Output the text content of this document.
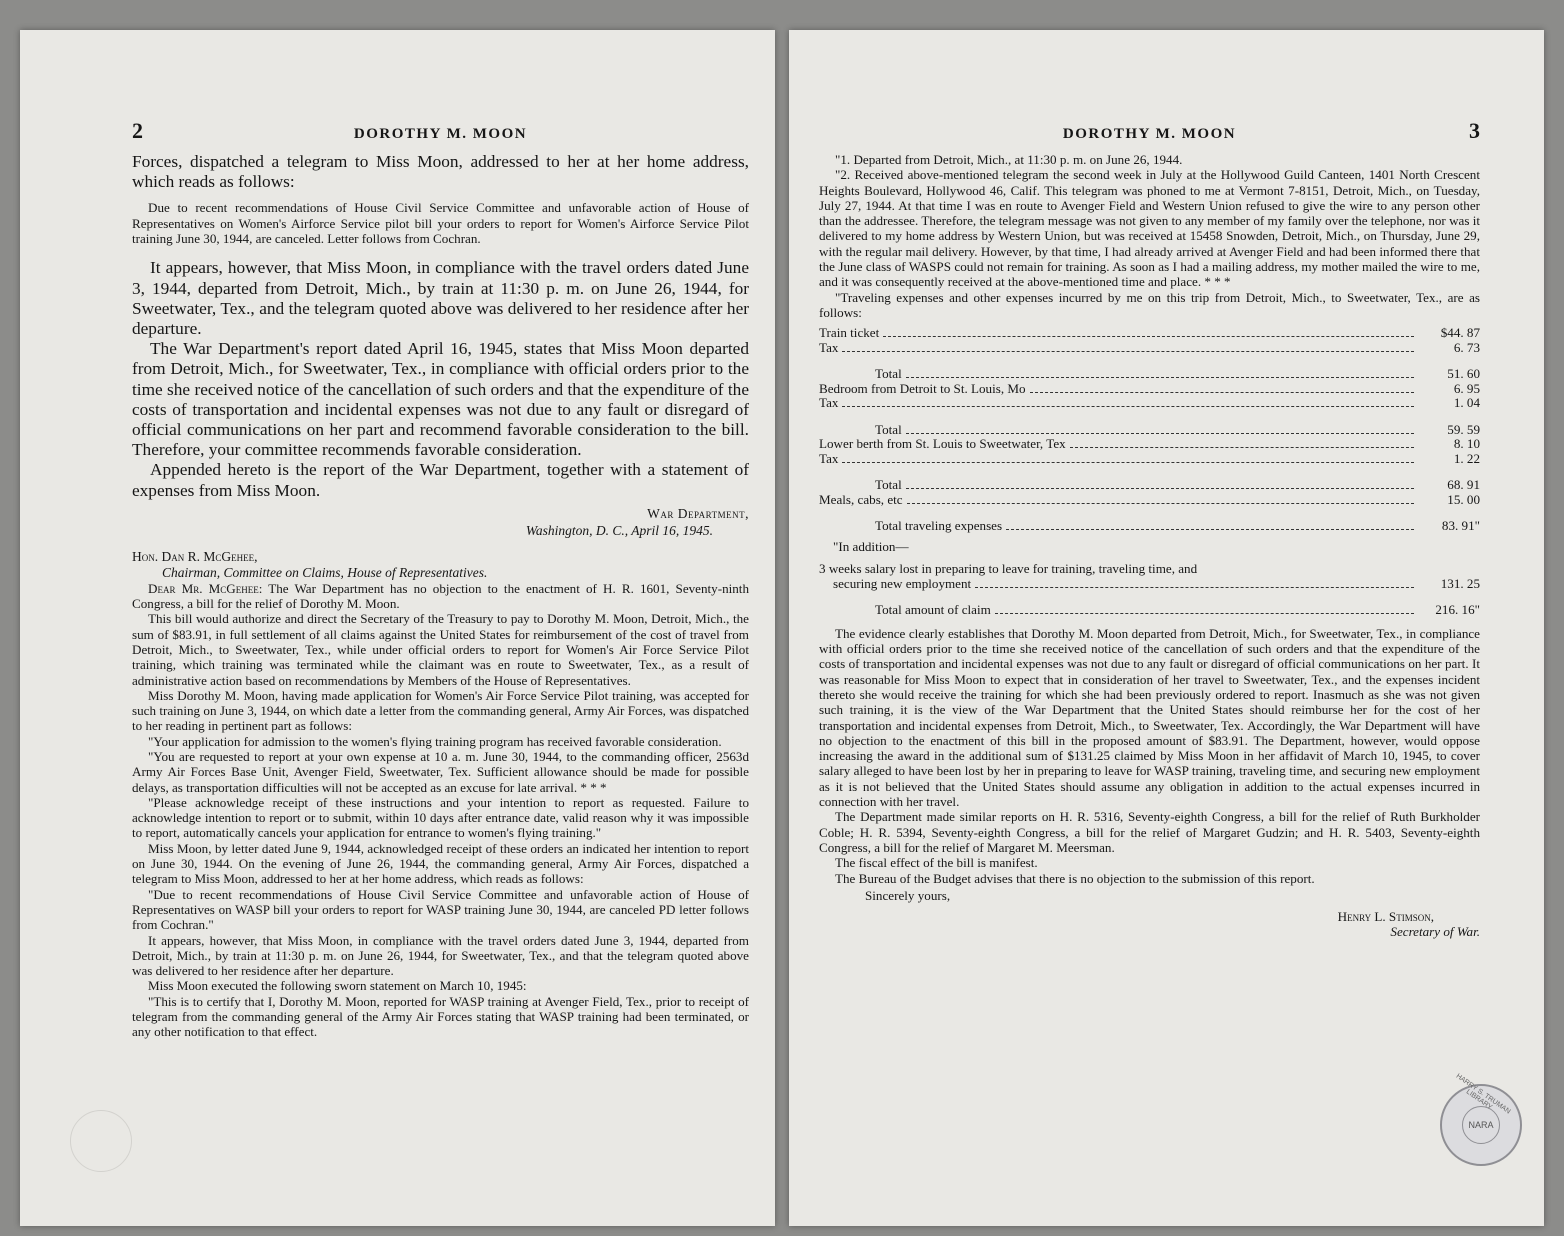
2	DOROTHY M. MOON

Forces, dispatched a telegram to Miss Moon, addressed to her at her home address, which reads as follows:

Due to recent recommendations of House Civil Service Committee and unfavorable action of House of Representatives on Women's Airforce Service pilot bill your orders to report for Women's Airforce Service Pilot training June 30, 1944, are canceled. Letter follows from Cochran.

It appears, however, that Miss Moon, in compliance with the travel orders dated June 3, 1944, departed from Detroit, Mich., by train at 11:30 p. m. on June 26, 1944, for Sweetwater, Tex., and the telegram quoted above was delivered to her residence after her departure.

The War Department's report dated April 16, 1945, states that Miss Moon departed from Detroit, Mich., for Sweetwater, Tex., in compliance with official orders prior to the time she received notice of the cancellation of such orders and that the expenditure of the costs of transportation and incidental expenses was not due to any fault or disregard of official communications on her part and recommend favorable consideration to the bill. Therefore, your committee recommends favorable consideration.

Appended hereto is the report of the War Department, together with a statement of expenses from Miss Moon.

War Department,
Washington, D. C., April 16, 1945.
Hon. Dan R. McGehee,
Chairman, Committee on Claims, House of Representatives.

Dear Mr. McGehee: The War Department has no objection to the enactment of H. R. 1601, Seventy-ninth Congress, a bill for the relief of Dorothy M. Moon.

This bill would authorize and direct the Secretary of the Treasury to pay to Dorothy M. Moon, Detroit, Mich., the sum of $83.91, in full settlement of all claims against the United States for reimbursement of the cost of travel from Detroit, Mich., to Sweetwater, Tex., while under official orders to report for Women's Air Force Service Pilot training, which training was terminated while the claimant was en route to Sweetwater, Tex., as a result of administrative action based on recommendations by Members of the House of Representatives.

Miss Dorothy M. Moon, having made application for Women's Air Force Service Pilot training, was accepted for such training on June 3, 1944, on which date a letter from the commanding general, Army Air Forces, was dispatched to her reading in pertinent part as follows:

"Your application for admission to the women's flying training program has received favorable consideration.

"You are requested to report at your own expense at 10 a. m. June 30, 1944, to the commanding officer, 2563d Army Air Forces Base Unit, Avenger Field, Sweetwater, Tex. Sufficient allowance should be made for possible delays, as transportation difficulties will not be accepted as an excuse for late arrival. * * *

"Please acknowledge receipt of these instructions and your intention to report as requested. Failure to acknowledge intention to report or to submit, within 10 days after entrance date, valid reason why it was impossible to report, automatically cancels your application for entrance to women's flying training."

Miss Moon, by letter dated June 9, 1944, acknowledged receipt of these orders an indicated her intention to report on June 30, 1944. On the evening of June 26, 1944, the commanding general, Army Air Forces, dispatched a telegram to Miss Moon, addressed to her at her home address, which reads as follows:

"Due to recent recommendations of House Civil Service Committee and unfavorable action of House of Representatives on WASP bill your orders to report for WASP training June 30, 1944, are canceled PD letter follows from Cochran."

It appears, however, that Miss Moon, in compliance with the travel orders dated June 3, 1944, departed from Detroit, Mich., by train at 11:30 p. m. on June 26, 1944, for Sweetwater, Tex., and that the telegram quoted above was delivered to her residence after her departure.

Miss Moon executed the following sworn statement on March 10, 1945:

"This is to certify that I, Dorothy M. Moon, reported for WASP training at Avenger Field, Tex., prior to receipt of telegram from the commanding general of the Army Air Forces stating that WASP training had been terminated, or any other notification to that effect.

DOROTHY M. MOON	3

"1. Departed from Detroit, Mich., at 11:30 p. m. on June 26, 1944.

"2. Received above-mentioned telegram the second week in July at the Hollywood Guild Canteen, 1401 North Crescent Heights Boulevard, Hollywood 46, Calif. This telegram was phoned to me at Vermont 7-8151, Detroit, Mich., on Tuesday, July 27, 1944. At that time I was en route to Avenger Field and Western Union refused to give the wire to any person other than the addressee. Therefore, the telegram message was not given to any member of my family over the telephone, nor was it delivered to my home address by Western Union, but was received at 15458 Snowden, Detroit, Mich., on Thursday, June 29, with the regular mail delivery. However, by that time, I had already arrived at Avenger Field and had been informed there that the June class of WASPS could not remain for training. As soon as I had a mailing address, my mother mailed the wire to me, and it was consequently received at the above-mentioned time and place. * * *

"Traveling expenses and other expenses incurred by me on this trip from Detroit, Mich., to Sweetwater, Tex., are as follows:

Train ticket	$44. 87
Tax	6. 73
Total	51. 60
Bedroom from Detroit to St. Louis, Mo	6. 95
Tax	1. 04
Total	59. 59
Lower berth from St. Louis to Sweetwater, Tex	8. 10
Tax	1. 22
Total	68. 91
Meals, cabs, etc	15. 00
Total traveling expenses	83. 91"
"In addition—
3 weeks salary lost in preparing to leave for training, traveling time, and
securing new employment	131. 25
Total amount of claim	216. 16"

The evidence clearly establishes that Dorothy M. Moon departed from Detroit, Mich., for Sweetwater, Tex., in compliance with official orders prior to the time she received notice of the cancellation of such orders and that the expenditure of the costs of transportation and incidental expenses was not due to any fault or disregard of official communications on her part. It was reasonable for Miss Moon to expect that in consideration of her travel to Sweetwater, Tex., and the expenses incident thereto she would receive the training for which she had been previously ordered to report. Inasmuch as she was not given such training, it is the view of the War Department that the United States should reimburse her for the cost of her transportation and incidental expenses from Detroit, Mich., to Sweetwater, Tex. Accordingly, the War Department will have no objection to the enactment of this bill in the proposed amount of $83.91. The Department, however, would oppose increasing the award in the additional sum of $131.25 claimed by Miss Moon in her affidavit of March 10, 1945, to cover salary alleged to have been lost by her in preparing to leave for WASP training, traveling time, and securing new employment as it is not believed that the United States should assume any obligation in addition to the actual expenses incurred in connection with her travel.

The Department made similar reports on H. R. 5316, Seventy-eighth Congress, a bill for the relief of Ruth Burkholder Coble; H. R. 5394, Seventy-eighth Congress, a bill for the relief of Margaret Gudzin; and H. R. 5403, Seventy-eighth Congress, a bill for the relief of Margaret M. Meersman.

The fiscal effect of the bill is manifest.

The Bureau of the Budget advises that there is no objection to the submission of this report.

Sincerely yours,
Henry L. Stimson,
Secretary of War.
HARRY S. TRUMAN LIBRARY
NARA
